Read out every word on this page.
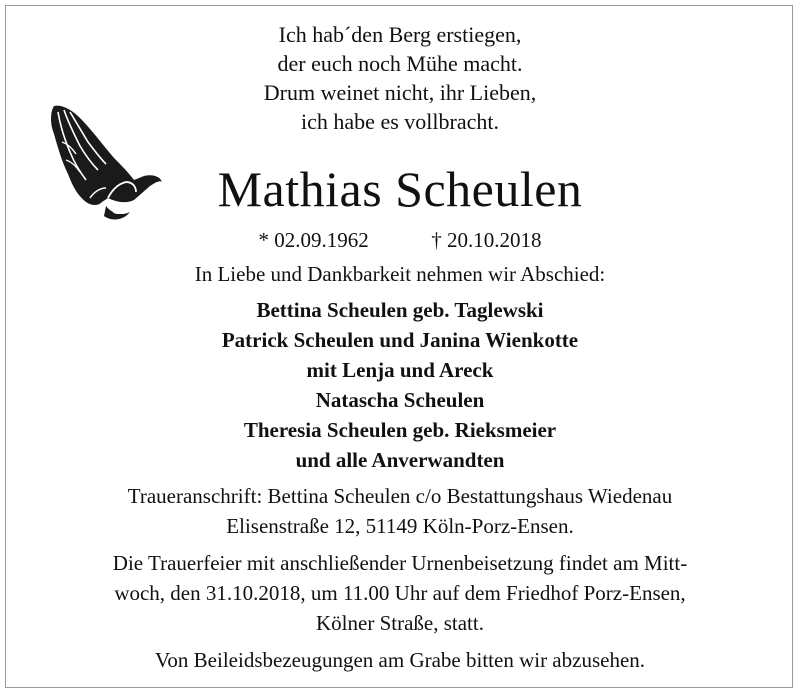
Ich hab´den Berg erstiegen,
der euch noch Mühe macht.
Drum weinet nicht, ihr Lieben,
ich habe es vollbracht.
Mathias Scheulen
* 02.09.1962	† 20.10.2018
In Liebe und Dankbarkeit nehmen wir Abschied:
Bettina Scheulen geb. Taglewski
Patrick Scheulen und Janina Wienkotte
mit Lenja und Areck
Natascha Scheulen
Theresia Scheulen geb. Rieksmeier
und alle Anverwandten
Traueranschrift: Bettina Scheulen c/o Bestattungshaus Wiedenau
Elisenstraße 12, 51149 Köln-Porz-Ensen.
Die Trauerfeier mit anschließender Urnenbeisetzung findet am Mitt-
woch, den 31.10.2018, um 11.00 Uhr auf dem Friedhof Porz-Ensen,
Kölner Straße, statt.
Von Beileidsbezeugungen am Grabe bitten wir abzusehen.
